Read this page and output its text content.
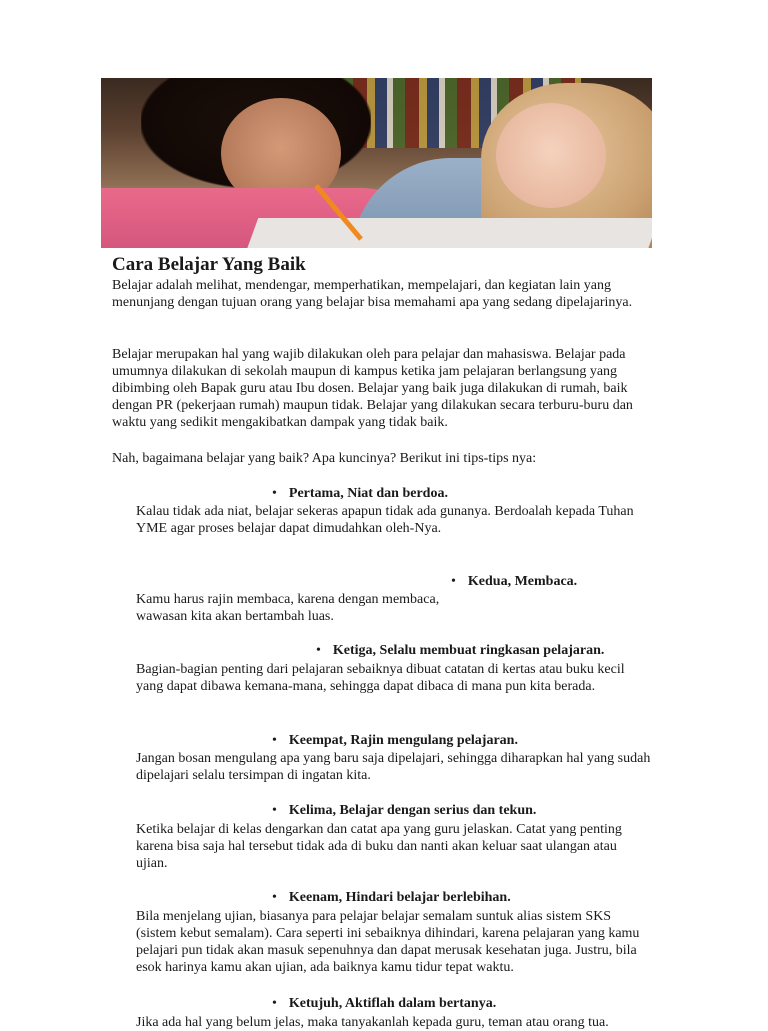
Cara Belajar Yang Baik

Belajar adalah melihat, mendengar, memperhatikan, mempelajari, dan kegiatan lain yang menunjang dengan tujuan orang yang belajar bisa memahami apa yang sedang dipelajarinya.

Belajar merupakan hal yang wajib dilakukan oleh para pelajar dan mahasiswa. Belajar pada umumnya dilakukan di sekolah maupun di kampus ketika jam pelajaran berlangsung yang dibimbing oleh Bapak guru atau Ibu dosen. Belajar yang baik juga dilakukan di rumah, baik dengan PR (pekerjaan rumah) maupun tidak. Belajar yang dilakukan secara terburu-buru dan waktu yang sedikit mengakibatkan dampak yang tidak baik.

Nah, bagaimana belajar yang baik? Apa kuncinya? Berikut ini tips-tips nya:

• Pertama, Niat dan berdoa.

Kalau tidak ada niat, belajar sekeras apapun tidak ada gunanya. Berdoalah kepada Tuhan YME agar proses belajar dapat dimudahkan oleh-Nya.

• Kedua, Membaca.

Kamu harus rajin membaca, karena dengan membaca, wawasan kita akan bertambah luas.

• Ketiga, Selalu membuat ringkasan pelajaran.

Bagian-bagian penting dari pelajaran sebaiknya dibuat catatan di kertas atau buku kecil yang dapat dibawa kemana-mana, sehingga dapat dibaca di mana pun kita berada.

• Keempat, Rajin mengulang pelajaran.

Jangan bosan mengulang apa yang baru saja dipelajari, sehingga diharapkan hal yang sudah dipelajari selalu tersimpan di ingatan kita.

• Kelima, Belajar dengan serius dan tekun.

Ketika belajar di kelas dengarkan dan catat apa yang guru jelaskan. Catat yang penting karena bisa saja hal tersebut tidak ada di buku dan nanti akan keluar saat ulangan atau ujian.

• Keenam, Hindari belajar berlebihan.

Bila menjelang ujian, biasanya para pelajar belajar semalam suntuk alias sistem SKS (sistem kebut semalam). Cara seperti ini sebaiknya dihindari, karena pelajaran yang kamu pelajari pun tidak akan masuk sepenuhnya dan dapat merusak kesehatan juga. Justru, bila esok harinya kamu akan ujian, ada baiknya kamu tidur tepat waktu.

• Ketujuh, Aktiflah dalam bertanya.

Jika ada hal yang belum jelas, maka tanyakanlah kepada guru, teman atau orang tua.
